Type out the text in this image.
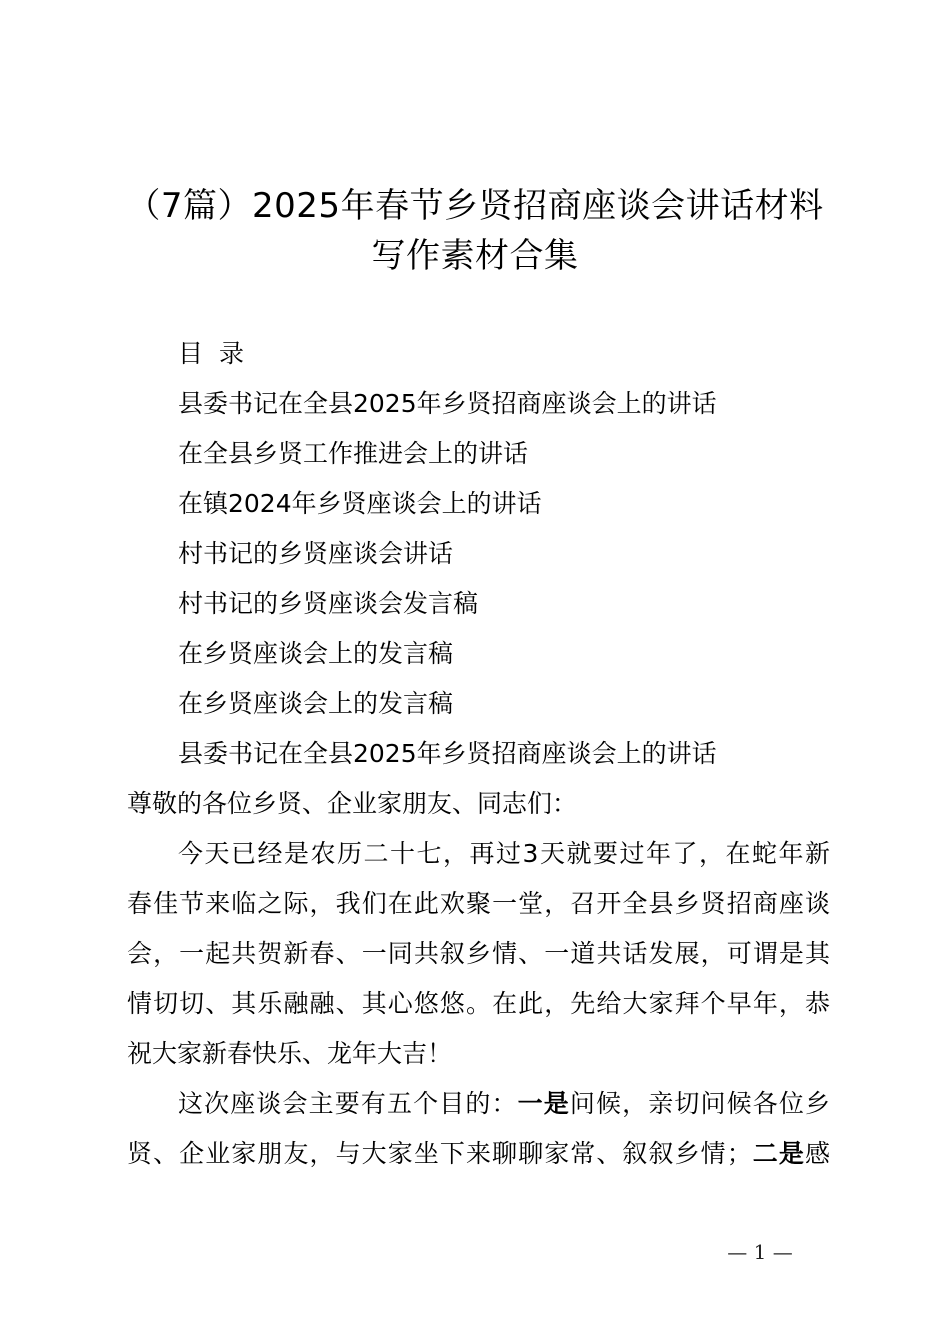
（7篇）2025年春节乡贤招商座谈会讲话材料
写作素材合集

目 录

县委书记在全县2025年乡贤招商座谈会上的讲话

在全县乡贤工作推进会上的讲话

在镇2024年乡贤座谈会上的讲话

村书记的乡贤座谈会讲话

村书记的乡贤座谈会发言稿

在乡贤座谈会上的发言稿

在乡贤座谈会上的发言稿

县委书记在全县2025年乡贤招商座谈会上的讲话

尊敬的各位乡贤、企业家朋友、同志们：

今天已经是农历二十七，再过3天就要过年了，在蛇年新

春佳节来临之际，我们在此欢聚一堂，召开全县乡贤招商座谈

会，一起共贺新春、一同共叙乡情、一道共话发展，可谓是其

情切切、其乐融融、其心悠悠。在此，先给大家拜个早年，恭

祝大家新春快乐、龙年大吉！

这次座谈会主要有五个目的：一是问候，亲切问候各位乡

贤、企业家朋友，与大家坐下来聊聊家常、叙叙乡情；二是感

— 1 —
